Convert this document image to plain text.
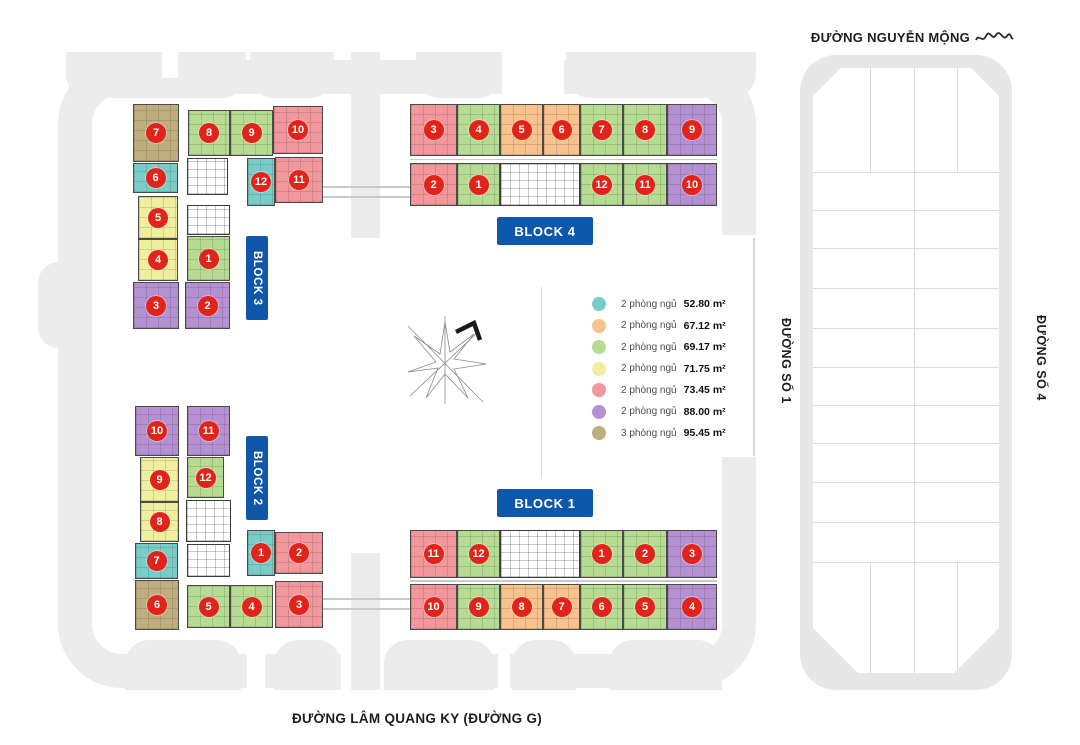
3	4	5	6	7	8	9
2	1	12	11	10
11	12	1	2	3
10	9	8	7	6	5	4
7	8	9	10
6	12	11
5
4	1
3	2
10	11
9	12
8
7
6
1	2
5	4	3
BLOCK 4
BLOCK 1
BLOCK 3
BLOCK 2
2 phòng ngủ 52.80 m²
2 phòng ngủ 67.12 m²
2 phòng ngủ 69.17 m²
2 phòng ngủ 71.75 m²
2 phòng ngủ 73.45 m²
2 phòng ngủ 88.00 m²
3 phòng ngủ 95.45 m²
ĐƯỜNG NGUYỄN MỘNG
ĐƯỜNG SỐ 1	ĐƯỜNG SỐ 4
ĐƯỜNG LÂM QUANG KY (ĐƯỜNG G)
